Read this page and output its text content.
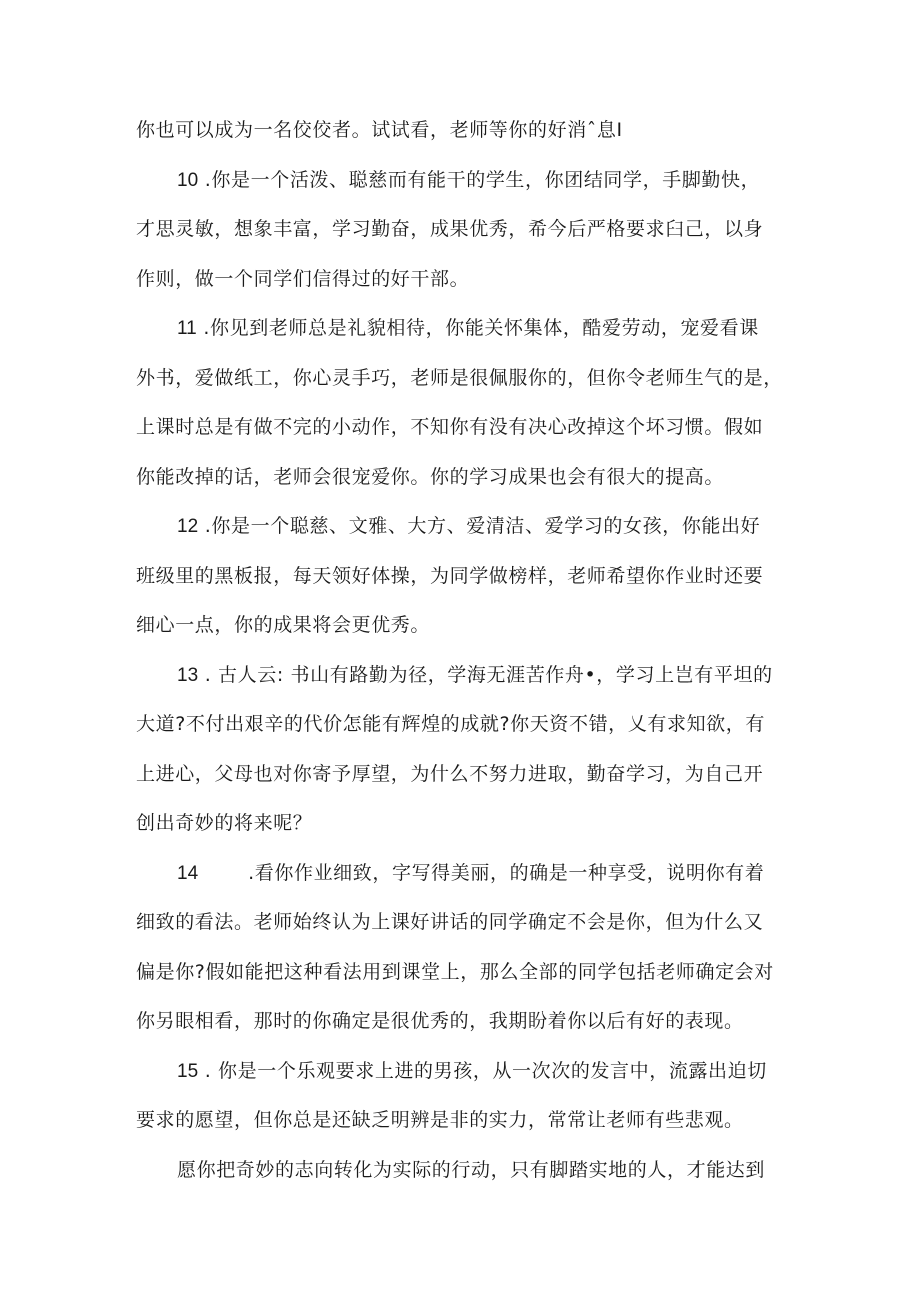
你也可以成为一名佼佼者。试试看，老师等你的好消ˆ息I

10 .你是一个活泼、聪慈而有能干的学生，你团结同学，手脚勤快，
才思灵敏，想象丰富，学习勤奋，成果优秀，希今后严格要求臼己，以身
作则，做一个同学们信得过的好干部。

11 .你见到老师总是礼貌相待，你能关怀集体，酷爱劳动，宠爱看课
外书，爱做纸工，你心灵手巧，老师是很佩服你的，但你令老师生气的是，
上课时总是有做不完的小动作，不知你有没有决心改掉这个坏习惯。假如
你能改掉的话，老师会很宠爱你。你的学习成果也会有很大的提高。

12 .你是一个聪慈、文雅、大方、爱清洁、爱学习的女孩，你能出好
班级里的黑板报，每天领好体操，为同学做榜样，老师希望你作业时还要
细心一点，你的成果将会更优秀。

13 . 古人云: 书山有路勤为径，学海无涯苦作舟•，学习上岂有平坦的
大道?不付出艰辛的代价怎能有辉煌的成就?你天资不错，乂有求知欲，有
上进心，父母也对你寄予厚望，为什么不努力进取，勤奋学习，为自己开
创出奇妙的将来呢？

14	.看你作业细致，字写得美丽，的确是一种享受，说明你有着
细致的看法。老师始终认为上课好讲话的同学确定不会是你，但为什么又
偏是你?假如能把这种看法用到课堂上，那么全部的同学包括老师确定会对
你另眼相看，那时的你确定是很优秀的，我期盼着你以后有好的表现。

15 . 你是一个乐观要求上进的男孩，从一次次的发言中，流露出迫切
要求的愿望，但你总是还缺乏明辨是非的实力，常常让老师有些悲观。

愿你把奇妙的志向转化为实际的行动，只有脚踏实地的人，才能达到
